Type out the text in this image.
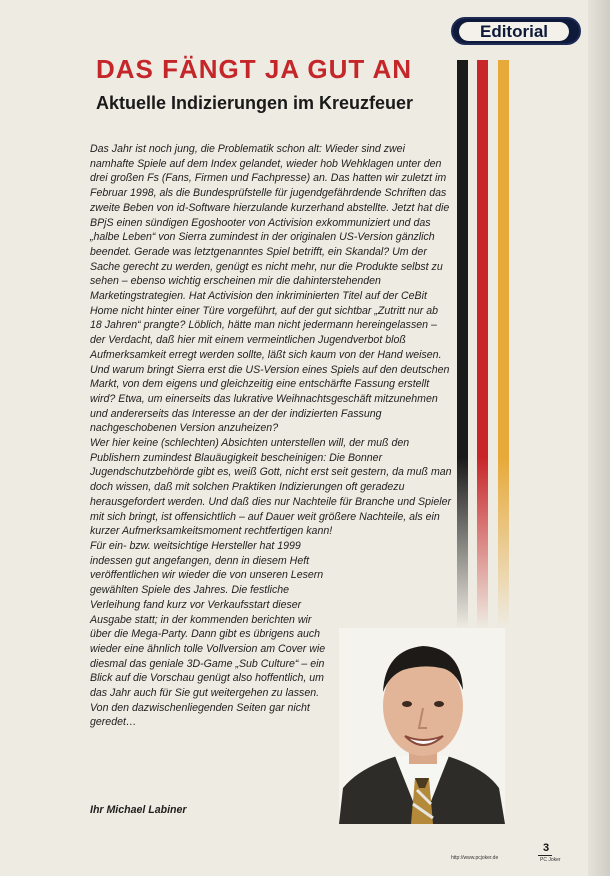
Editorial
DAS FÄNGT JA GUT AN
Aktuelle Indizierungen im Kreuzfeuer

Das Jahr ist noch jung, die Problematik schon alt: Wieder sind zwei namhafte Spiele auf dem Index gelandet, wieder hob Wehklagen unter den drei großen Fs (Fans, Firmen und Fachpresse) an. Das hatten wir zuletzt im Februar 1998, als die Bundesprüfstelle für jugendgefährdende Schriften das zweite Beben von id-Software hierzulande kurzerhand abstellte. Jetzt hat die BPjS einen sündigen Egoshooter von Activision exkommuniziert und das „halbe Leben“ von Sierra zumindest in der originalen US-Version gänzlich beendet. Gerade was letztgenanntes Spiel betrifft, ein Skandal? Um der Sache gerecht zu werden, genügt es nicht mehr, nur die Produkte selbst zu sehen – ebenso wichtig erscheinen mir die dahinterstehenden Marketingstrategien. Hat Activision den inkriminierten Titel auf der CeBit Home nicht hinter einer Türe vorgeführt, auf der gut sichtbar „Zutritt nur ab 18 Jahren“ prangte? Löblich, hätte man nicht jedermann hereingelassen – der Verdacht, daß hier mit einem vermeintlichen Jugendverbot bloß Aufmerksamkeit erregt werden sollte, läßt sich kaum von der Hand weisen. Und warum bringt Sierra erst die US-Version eines Spiels auf den deutschen Markt, von dem eigens und gleichzeitig eine entschärfte Fassung erstellt wird? Etwa, um einerseits das lukrative Weihnachtsgeschäft mitzunehmen und andererseits das Interesse an der der indizierten Fassung nachgeschobenen Version anzuheizen?

Wer hier keine (schlechten) Absichten unterstellen will, der muß den Publishern zumindest Blauäugigkeit bescheinigen: Die Bonner Jugendschutzbehörde gibt es, weiß Gott, nicht erst seit gestern, da muß man doch wissen, daß mit solchen Praktiken Indizierungen oft geradezu herausgefordert werden. Und daß dies nur Nachteile für Branche und Spieler mit sich bringt, ist offensichtlich – auf Dauer weit größere Nachteile, als ein kurzer Aufmerksamkeitsmoment rechtfertigen kann!

Für ein- bzw. weitsichtige Hersteller hat 1999 indessen gut angefangen, denn in diesem Heft veröffentlichen wir wieder die von unseren Lesern gewählten Spiele des Jahres. Die festliche Verleihung fand kurz vor Verkaufsstart dieser Ausgabe statt; in der kommenden berichten wir über die Mega-Party. Dann gibt es übrigens auch wieder eine ähnlich tolle Vollversion am Cover wie diesmal das geniale 3D-Game „Sub Culture“ – ein Blick auf die Vorschau genügt also hoffentlich, um das Jahr auch für Sie gut weitergehen zu lassen. Von den dazwischenliegenden Seiten gar nicht geredet…

Ihr Michael Labiner
http://www.pcjoker.de
3
PC Joker
